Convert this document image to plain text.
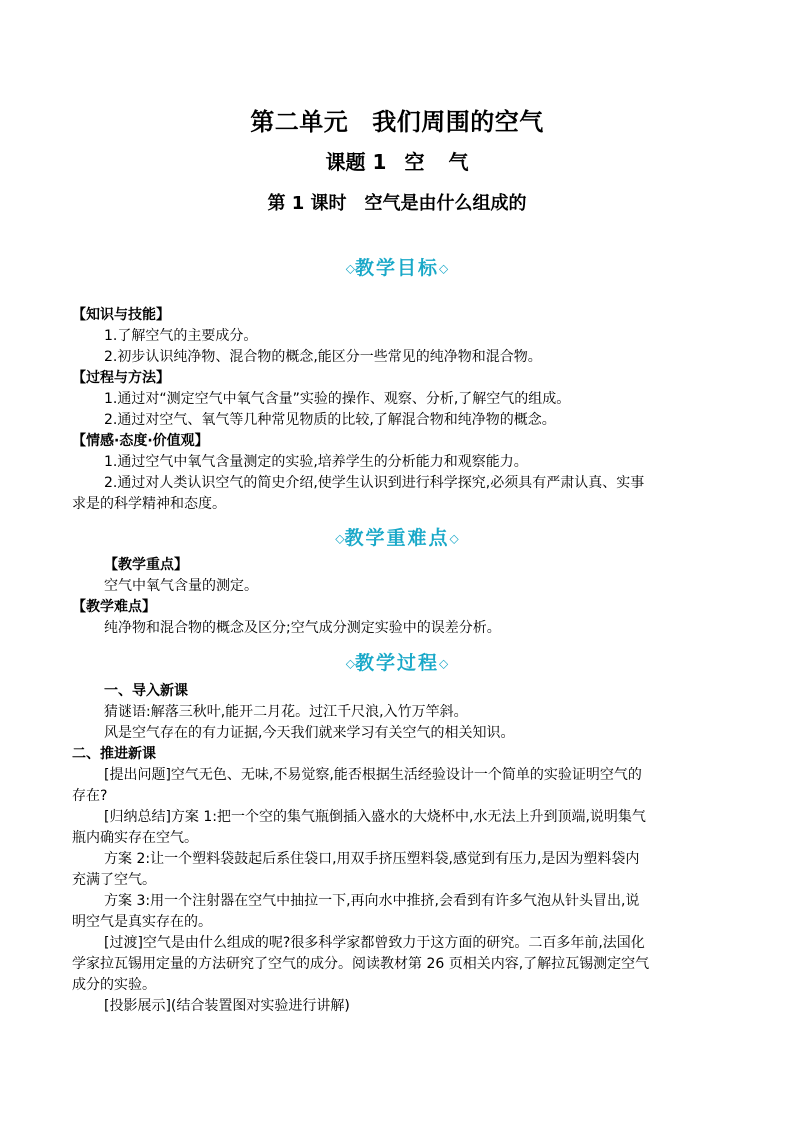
第二单元 我们周围的空气
课题 1 空 气
第 1 课时 空气是由什么组成的
◇教学目标◇
【知识与技能】
1.了解空气的主要成分。
2.初步认识纯净物、混合物的概念,能区分一些常见的纯净物和混合物。
【过程与方法】
1.通过对“测定空气中氧气含量”实验的操作、观察、分析,了解空气的组成。
2.通过对空气、氧气等几种常见物质的比较,了解混合物和纯净物的概念。
【情感·态度·价值观】
1.通过空气中氧气含量测定的实验,培养学生的分析能力和观察能力。
2.通过对人类认识空气的简史介绍,使学生认识到进行科学探究,必须具有严肃认真、实事
求是的科学精神和态度。
◇教学重难点◇
【教学重点】
空气中氧气含量的测定。
【教学难点】
纯净物和混合物的概念及区分;空气成分测定实验中的误差分析。
◇教学过程◇
一、导入新课
猜谜语:解落三秋叶,能开二月花。过江千尺浪,入竹万竿斜。
风是空气存在的有力证据,今天我们就来学习有关空气的相关知识。
二、推进新课
[提出问题]空气无色、无味,不易觉察,能否根据生活经验设计一个简单的实验证明空气的
存在?
[归纳总结]方案 1:把一个空的集气瓶倒插入盛水的大烧杯中,水无法上升到顶端,说明集气
瓶内确实存在空气。
方案 2:让一个塑料袋鼓起后系住袋口,用双手挤压塑料袋,感觉到有压力,是因为塑料袋内
充满了空气。
方案 3:用一个注射器在空气中抽拉一下,再向水中推挤,会看到有许多气泡从针头冒出,说
明空气是真实存在的。
[过渡]空气是由什么组成的呢?很多科学家都曾致力于这方面的研究。二百多年前,法国化
学家拉瓦锡用定量的方法研究了空气的成分。阅读教材第 26 页相关内容,了解拉瓦锡测定空气
成分的实验。
[投影展示](结合装置图对实验进行讲解)
